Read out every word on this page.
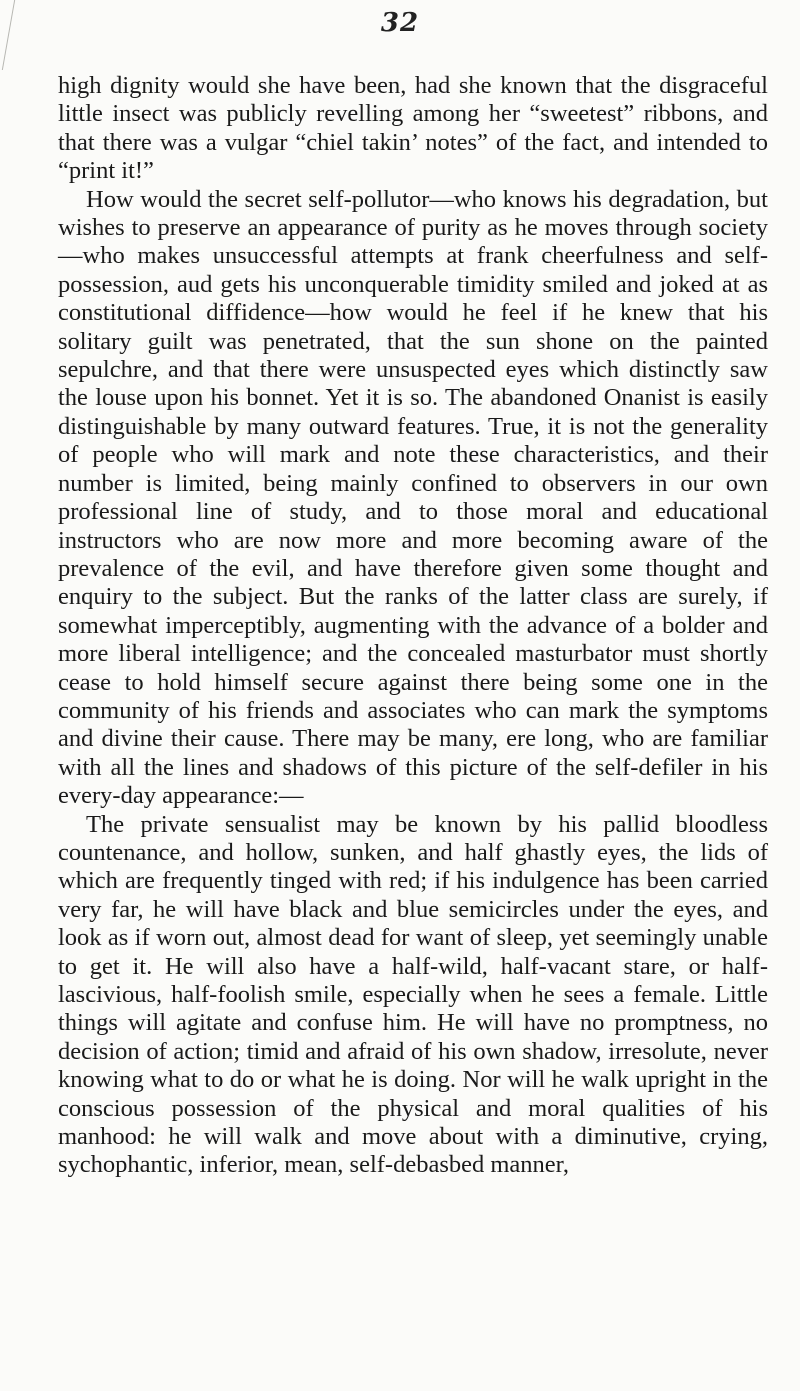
32

high dignity would she have been, had she known that the disgraceful little insect was publicly revelling among her “sweetest” ribbons, and that there was a vulgar “chiel takin’ notes” of the fact, and intended to “print it!”

How would the secret self-pollutor—who knows his degradation, but wishes to preserve an appearance of purity as he moves through society—who makes unsuccessful attempts at frank cheerfulness and self-possession, aud gets his unconquerable timidity smiled and joked at as constitutional diffidence—how would he feel if he knew that his solitary guilt was penetrated, that the sun shone on the painted sepulchre, and that there were unsuspected eyes which distinctly saw the louse upon his bonnet. Yet it is so. The abandoned Onanist is easily distinguishable by many outward features. True, it is not the generality of people who will mark and note these characteristics, and their number is limited, being mainly confined to observers in our own professional line of study, and to those moral and educational instructors who are now more and more becoming aware of the prevalence of the evil, and have therefore given some thought and enquiry to the subject. But the ranks of the latter class are surely, if somewhat imperceptibly, augmenting with the advance of a bolder and more liberal intelligence; and the concealed masturbator must shortly cease to hold himself secure against there being some one in the community of his friends and associates who can mark the symptoms and divine their cause. There may be many, ere long, who are familiar with all the lines and shadows of this picture of the self-defiler in his every-day appearance:—

The private sensualist may be known by his pallid bloodless countenance, and hollow, sunken, and half ghastly eyes, the lids of which are frequently tinged with red; if his indulgence has been carried very far, he will have black and blue semicircles under the eyes, and look as if worn out, almost dead for want of sleep, yet seemingly unable to get it. He will also have a half-wild, half-vacant stare, or half-lascivious, half-foolish smile, especially when he sees a female. Little things will agitate and confuse him. He will have no promptness, no decision of action; timid and afraid of his own shadow, irresolute, never knowing what to do or what he is doing. Nor will he walk upright in the conscious possession of the physical and moral qualities of his manhood: he will walk and move about with a diminutive, crying, sychophantic, inferior, mean, self-debasbed manner,
